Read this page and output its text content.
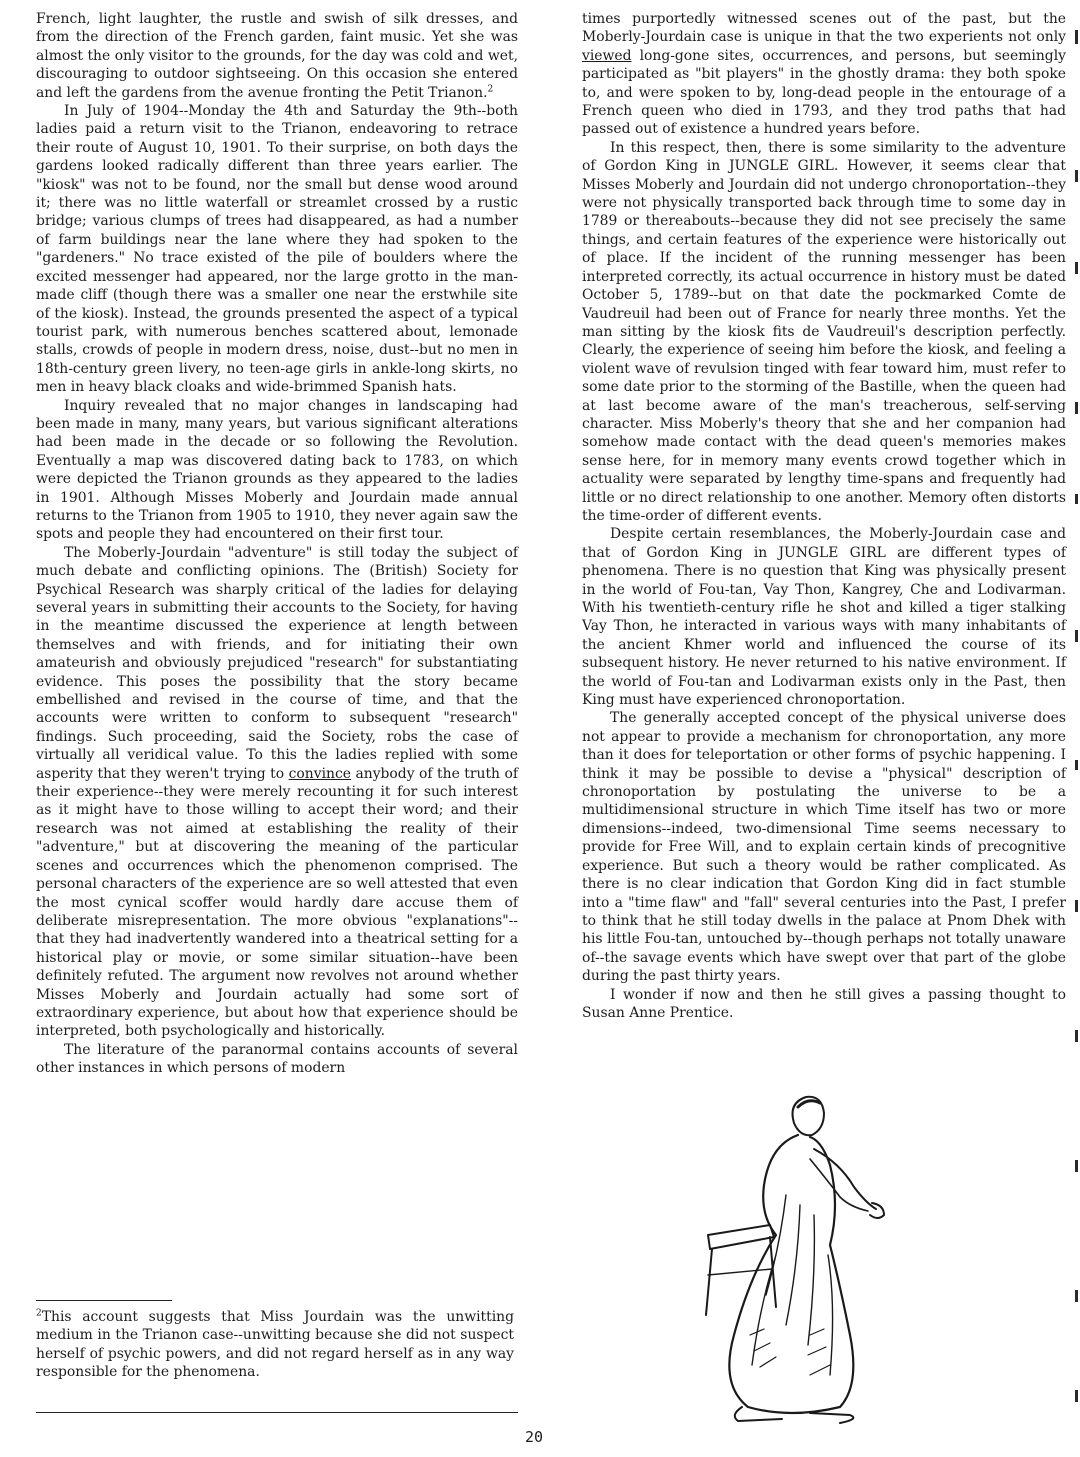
French, light laughter, the rustle and swish of silk dresses, and from the direction of the French garden, faint music. Yet she was almost the only visitor to the grounds, for the day was cold and wet, discouraging to outdoor sightseeing. On this occasion she entered and left the gardens from the avenue fronting the Petit Trianon.$^2$

In July of 1904--Monday the 4th and Saturday the 9th--both ladies paid a return visit to the Trianon, endeavoring to retrace their route of August 10, 1901. To their surprise, on both days the gardens looked radically different than three years earlier. The "kiosk" was not to be found, nor the small but dense wood around it; there was no little waterfall or streamlet crossed by a rustic bridge; various clumps of trees had disappeared, as had a number of farm buildings near the lane where they had spoken to the "gardeners." No trace existed of the pile of boulders where the excited messenger had appeared, nor the large grotto in the man-made cliff (though there was a smaller one near the erstwhile site of the kiosk). Instead, the grounds presented the aspect of a typical tourist park, with numerous benches scattered about, lemonade stalls, crowds of people in modern dress, noise, dust--but no men in 18th-century green livery, no teen-age girls in ankle-long skirts, no men in heavy black cloaks and wide-brimmed Spanish hats.

Inquiry revealed that no major changes in landscaping had been made in many, many years, but various significant alterations had been made in the decade or so following the Revolution. Eventually a map was discovered dating back to 1783, on which were depicted the Trianon grounds as they appeared to the ladies in 1901. Although Misses Moberly and Jourdain made annual returns to the Trianon from 1905 to 1910, they never again saw the spots and people they had encountered on their first tour.

The Moberly-Jourdain "adventure" is still today the subject of much debate and conflicting opinions. The (British) Society for Psychical Research was sharply critical of the ladies for delaying several years in submitting their accounts to the Society, for having in the meantime discussed the experience at length between themselves and with friends, and for initiating their own amateurish and obviously prejudiced "research" for substantiating evidence. This poses the possibility that the story became embellished and revised in the course of time, and that the accounts were written to conform to subsequent "research" findings. Such proceeding, said the Society, robs the case of virtually all veridical value. To this the ladies replied with some asperity that they weren't trying to convince anybody of the truth of their experience--they were merely recounting it for such interest as it might have to those willing to accept their word; and their research was not aimed at establishing the reality of their "adventure," but at discovering the meaning of the particular scenes and occurrences which the phenomenon comprised. The personal characters of the experience are so well attested that even the most cynical scoffer would hardly dare accuse them of deliberate misrepresentation. The more obvious "explanations"--that they had inadvertently wandered into a theatrical setting for a historical play or movie, or some similar situation--have been definitely refuted. The argument now revolves not around whether Misses Moberly and Jourdain actually had some sort of extraordinary experience, but about how that experience should be interpreted, both psychologically and historically.

The literature of the paranormal contains accounts of several other instances in which persons of modern

times purportedly witnessed scenes out of the past, but the Moberly-Jourdain case is unique in that the two experients not only viewed long-gone sites, occurrences, and persons, but seemingly participated as "bit players" in the ghostly drama: they both spoke to, and were spoken to by, long-dead people in the entourage of a French queen who died in 1793, and they trod paths that had passed out of existence a hundred years before.

In this respect, then, there is some similarity to the adventure of Gordon King in JUNGLE GIRL. However, it seems clear that Misses Moberly and Jourdain did not undergo chronoportation--they were not physically transported back through time to some day in 1789 or thereabouts--because they did not see precisely the same things, and certain features of the experience were historically out of place. If the incident of the running messenger has been interpreted correctly, its actual occurrence in history must be dated October 5, 1789--but on that date the pockmarked Comte de Vaudreuil had been out of France for nearly three months. Yet the man sitting by the kiosk fits de Vaudreuil's description perfectly. Clearly, the experience of seeing him before the kiosk, and feeling a violent wave of revulsion tinged with fear toward him, must refer to some date prior to the storming of the Bastille, when the queen had at last become aware of the man's treacherous, self-serving character. Miss Moberly's theory that she and her companion had somehow made contact with the dead queen's memories makes sense here, for in memory many events crowd together which in actuality were separated by lengthy time-spans and frequently had little or no direct relationship to one another. Memory often distorts the time-order of different events.

Despite certain resemblances, the Moberly-Jourdain case and that of Gordon King in JUNGLE GIRL are different types of phenomena. There is no question that King was physically present in the world of Fou-tan, Vay Thon, Kangrey, Che and Lodivarman. With his twentieth-century rifle he shot and killed a tiger stalking Vay Thon, he interacted in various ways with many inhabitants of the ancient Khmer world and influenced the course of its subsequent history. He never returned to his native environment. If the world of Fou-tan and Lodivarman exists only in the Past, then King must have experienced chronoportation.

The generally accepted concept of the physical universe does not appear to provide a mechanism for chronoportation, any more than it does for teleportation or other forms of psychic happening. I think it may be possible to devise a "physical" description of chronoportation by postulating the universe to be a multidimensional structure in which Time itself has two or more dimensions--indeed, two-dimensional Time seems necessary to provide for Free Will, and to explain certain kinds of precognitive experience. But such a theory would be rather complicated. As there is no clear indication that Gordon King did in fact stumble into a "time flaw" and "fall" several centuries into the Past, I prefer to think that he still today dwells in the palace at Pnom Dhek with his little Fou-tan, untouched by--though perhaps not totally unaware of--the savage events which have swept over that part of the globe during the past thirty years.

I wonder if now and then he still gives a passing thought to Susan Anne Prentice.

$^2$This account suggests that Miss Jourdain was the unwitting medium in the Trianon case--unwitting because she did not suspect herself of psychic powers, and did not regard herself as in any way responsible for the phenomena.
20
